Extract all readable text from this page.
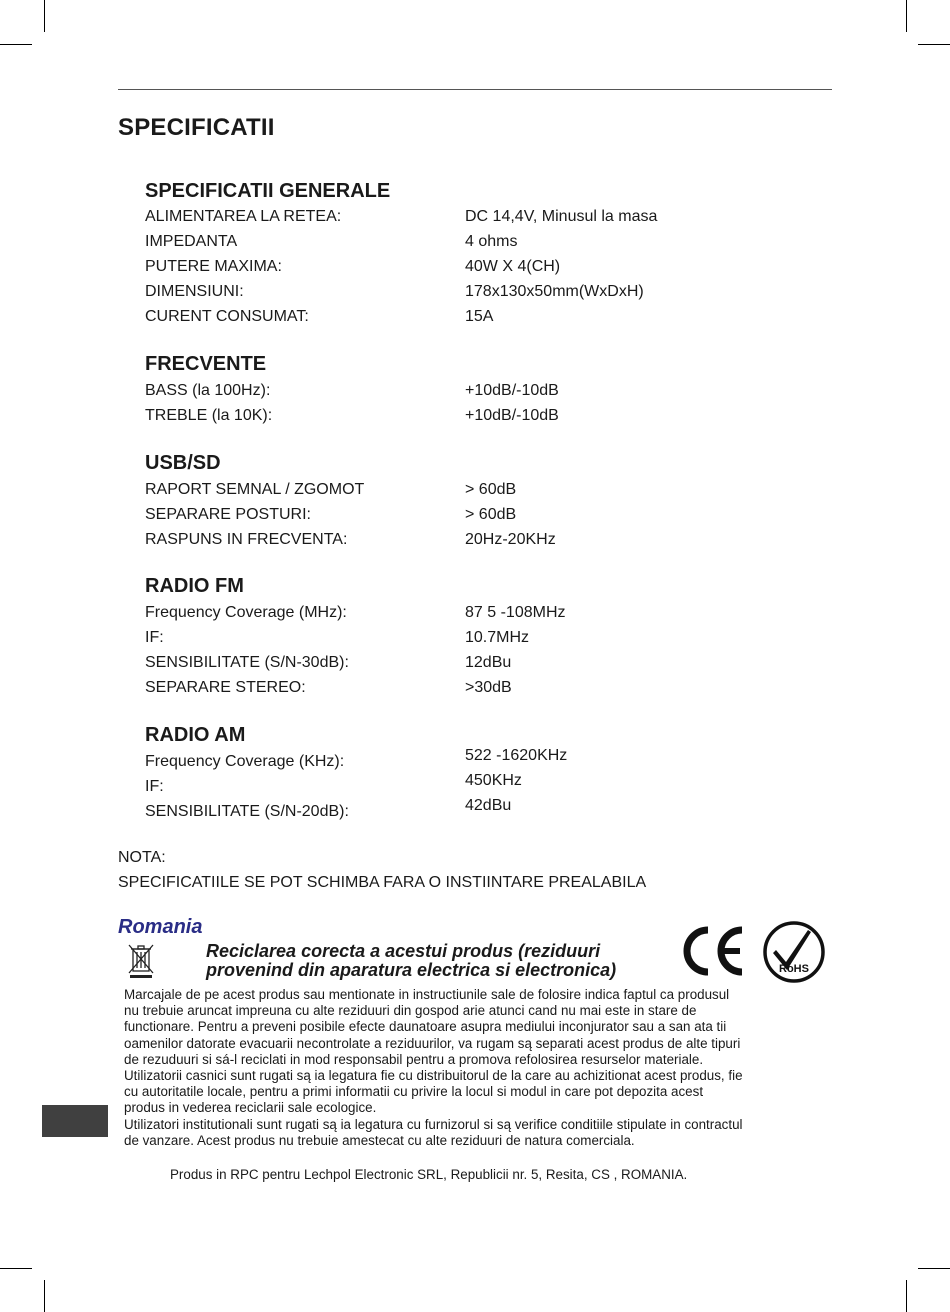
SPECIFICATII
SPECIFICATII GENERALE
ALIMENTAREA LA RETEA:	DC 14,4V, Minusul la masa
IMPEDANTA	4 ohms
PUTERE MAXIMA:	40W X 4(CH)
DIMENSIUNI:	178x130x50mm(WxDxH)
CURENT CONSUMAT:	15A
FRECVENTE
BASS (la 100Hz):	+10dB/-10dB
TREBLE (la 10K):	+10dB/-10dB
USB/SD
RAPORT SEMNAL / ZGOMOT	> 60dB
SEPARARE POSTURI:	> 60dB
RASPUNS IN FRECVENTA:	20Hz-20KHz
RADIO FM
Frequency Coverage (MHz):	87 5 -108MHz
IF:	10.7MHz
SENSIBILITATE (S/N-30dB):	12dBu
SEPARARE STEREO:	>30dB
RADIO AM
Frequency Coverage (KHz):	522 -1620KHz
IF:	450KHz
SENSIBILITATE (S/N-20dB):	42dBu
NOTA:
SPECIFICATIILE SE POT SCHIMBA FARA O INSTIINTARE PREALABILA
Romania
Reciclarea corecta a acestui produs (reziduuri
provenind din aparatura electrica si electronica)	RoHS

Marcajale de pe acest produs sau mentionate in instructiunile sale de folosire indica faptul ca produsul

nu trebuie aruncat impreuna cu alte reziduuri din gospod arie atunci cand nu mai este in stare de

functionare. Pentru a preveni posibile efecte daunatoare asupra mediului inconjurator sau a san ata tii

oamenilor datorate evacuarii necontrolate a reziduurilor, va rugam są separati acest produs de alte tipuri

de rezuduuri si sá-l reciclati in mod responsabil pentru a promova refolosirea resurselor materiale.

Utilizatorii casnici sunt rugati są ia legatura fie cu distribuitorul de la care au achizitionat acest produs, fie

cu autoritatile locale, pentru a primi informatii cu privire la locul si modul in care pot depozita acest

produs in vederea reciclarii sale ecologice.

Utilizatori institutionali sunt rugati są ia legatura cu furnizorul si są verifice conditiile stipulate in contractul

de vanzare. Acest produs nu trebuie amestecat cu alte reziduuri de natura comerciala.

Produs in RPC pentru Lechpol Electronic SRL, Republicii nr. 5, Resita, CS , ROMANIA.
